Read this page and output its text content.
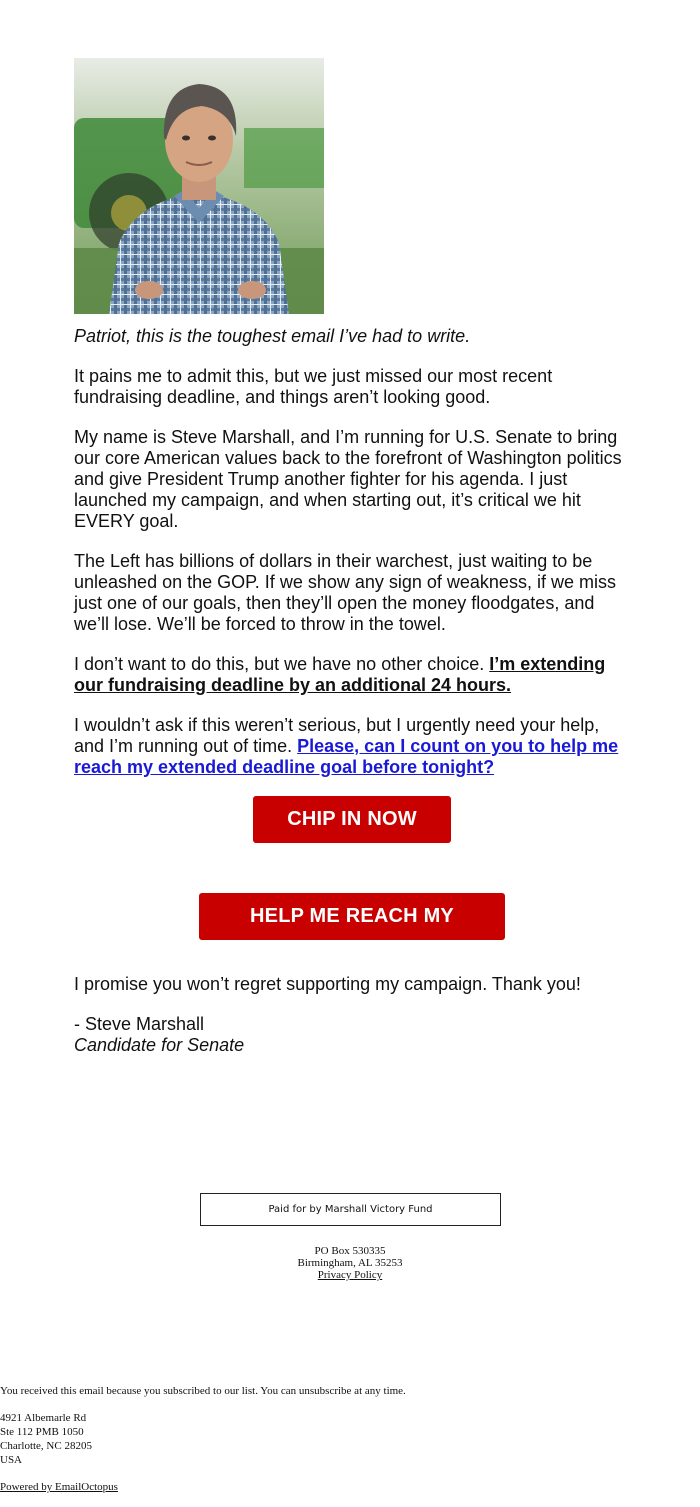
Patriot, this is the toughest email I’ve had to write.

It pains me to admit this, but we just missed our most recent fundraising deadline, and things aren’t looking good.

My name is Steve Marshall, and I’m running for U.S. Senate to bring our core American values back to the forefront of Washington politics and give President Trump another fighter for his agenda. I just launched my campaign, and when starting out, it’s critical we hit EVERY goal.

The Left has billions of dollars in their warchest, just waiting to be unleashed on the GOP. If we show any sign of weakness, if we miss just one of our goals, then they’ll open the money floodgates, and we’ll lose. We’ll be forced to throw in the towel.

I don’t want to do this, but we have no other choice. I’m extending our fundraising deadline by an additional 24 hours.

I wouldn’t ask if this weren’t serious, but I urgently need your help, and I’m running out of time. Please, can I count on you to help me reach my extended deadline goal before tonight?

CHIP IN NOW >>
HELP ME REACH MY GOAL

I promise you won’t regret supporting my campaign. Thank you!

- Steve Marshall

Candidate for Senate

Paid for by Marshall Victory Fund
PO Box 530335
Birmingham, AL 35253
Privacy Policy

You received this email because you subscribed to our list. You can unsubscribe at any time.

4921 Albemarle Rd
Ste 112 PMB 1050
Charlotte, NC 28205
USA

Powered by EmailOctopus
